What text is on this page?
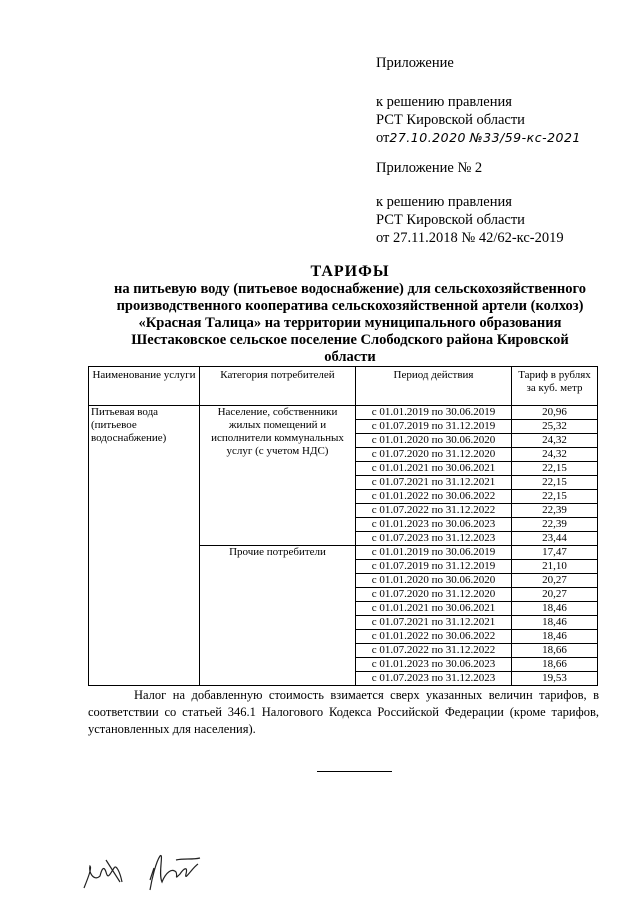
Приложение
к решению правления
РСТ Кировской области
от27.10.2020 №33/59-кс-2021
Приложение № 2
к решению правления
РСТ Кировской области
от 27.11.2018 № 42/62-кс-2019
ТАРИФЫ
на питьевую воду (питьевое водоснабжение) для сельскохозяйственного
производственного кооператива сельскохозяйственной артели (колхоз)
«Красная Талица» на территории муниципального образования
Шестаковское сельское поселение Слободского района Кировской
области
Наименование услуги	Категория потребителей	Период действия	Тариф в рублях за куб. метр
Питьевая вода (питьевое водоснабжение)	Население, собственники жилых помещений и исполнители коммунальных услуг (с учетом НДС)	с 01.01.2019 по 30.06.2019	20,96
		с 01.07.2019 по 31.12.2019	25,32
		с 01.01.2020 по 30.06.2020	24,32
		с 01.07.2020 по 31.12.2020	24,32
		с 01.01.2021 по 30.06.2021	22,15
		с 01.07.2021 по 31.12.2021	22,15
		с 01.01.2022 по 30.06.2022	22,15
		с 01.07.2022 по 31.12.2022	22,39
		с 01.01.2023 по 30.06.2023	22,39
		с 01.07.2023 по 31.12.2023	23,44
	Прочие потребители	с 01.01.2019 по 30.06.2019	17,47
		с 01.07.2019 по 31.12.2019	21,10
		с 01.01.2020 по 30.06.2020	20,27
		с 01.07.2020 по 31.12.2020	20,27
		с 01.01.2021 по 30.06.2021	18,46
		с 01.07.2021 по 31.12.2021	18,46
		с 01.01.2022 по 30.06.2022	18,46
		с 01.07.2022 по 31.12.2022	18,66
		с 01.01.2023 по 30.06.2023	18,66
		с 01.07.2023 по 31.12.2023	19,53
Налог на добавленную стоимость взимается сверх указанных величин тарифов, в соответствии со статьей 346.1 Налогового Кодекса Российской Федерации (кроме тарифов, установленных для населения).
